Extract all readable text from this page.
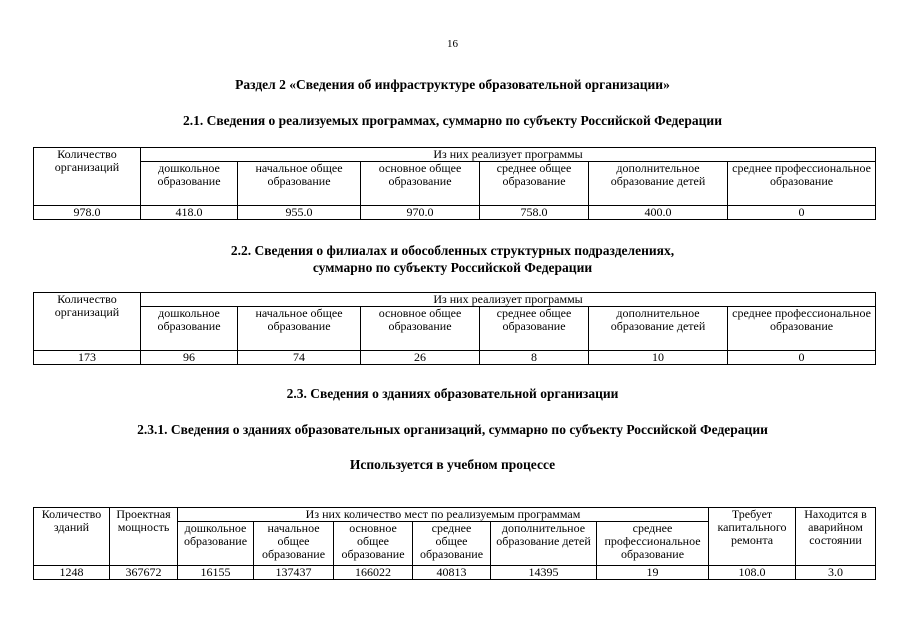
16
Раздел 2 «Сведения об инфраструктуре образовательной организации»
2.1. Сведения о реализуемых программах, суммарно по субъекту Российской Федерации
Количество организаций	Из них реализует программы					
	дошкольное образование	начальное общее образование	основное общее образование	среднее общее образование	дополнительное образование детей	среднее профессиональное образование
978.0	418.0	955.0	970.0	758.0	400.0	0
2.2. Сведения о филиалах и обособленных структурных подразделениях,
суммарно по субъекту Российской Федерации
Количество организаций	Из них реализует программы					
	дошкольное образование	начальное общее образование	основное общее образование	среднее общее образование	дополнительное образование детей	среднее профессиональное образование
173	96	74	26	8	10	0
2.3. Сведения о зданиях образовательной организации
2.3.1. Сведения о зданиях образовательных организаций, суммарно по субъекту Российской Федерации
Используется в учебном процессе
Количество зданий	Проектная мощность	Из них количество мест по реализуемым программам						Требует капитального ремонта	Находится в аварийном состоянии
		дошкольное образование	начальное общее образование	основное общее образование	среднее общее образование	дополнительное образование детей	среднее профессиональное образование		
1248	367672	16155	137437	166022	40813	14395	19	108.0	3.0
